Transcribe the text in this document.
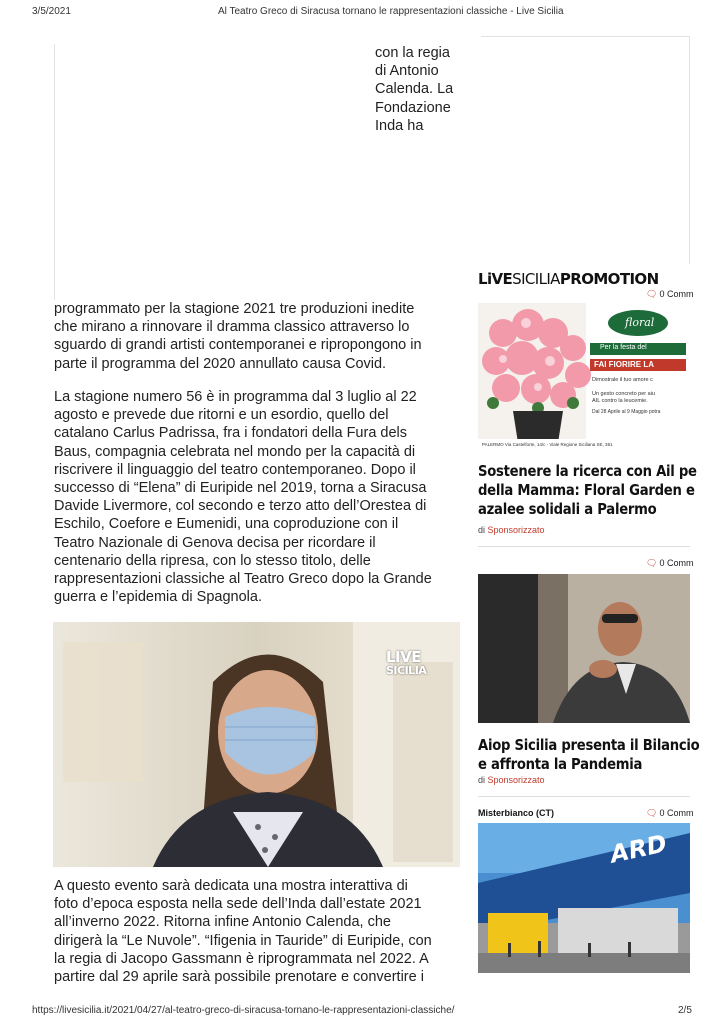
3/5/2021	Al Teatro Greco di Siracusa tornano le rappresentazioni classiche - Live Sicilia
con la regia
di Antonio
Calenda. La
Fondazione
Inda ha
programmato per la stagione 2021 tre produzioni inedite
che mirano a rinnovare il dramma classico attraverso lo
sguardo di grandi artisti contemporanei e ripropongono in
parte il programma del 2020 annullato causa Covid.
La stagione numero 56 è in programma dal 3 luglio al 22
agosto e prevede due ritorni e un esordio, quello del
catalano Carlus Padrissa, fra i fondatori della Fura dels
Baus, compagnia celebrata nel mondo per la capacità di
riscrivere il linguaggio del teatro contemporaneo. Dopo il
successo di “Elena” di Euripide nel 2019, torna a Siracusa
Davide Livermore, col secondo e terzo atto dell’Orestea di
Eschilo, Coefore e Eumenidi, una coproduzione con il
Teatro Nazionale di Genova decisa per ricordare il
centenario della ripresa, con lo stesso titolo, delle
rappresentazioni classiche al Teatro Greco dopo la Grande
guerra e l’epidemia di Spagnola.
LIVE
SICILIA
A questo evento sarà dedicata una mostra interattiva di
foto d’epoca esposta nella sede dell’Inda dall’estate 2021
all’inverno 2022. Ritorna infine Antonio Calenda, che
dirigerà la “Le Nuvole”. “Ifigenia in Tauride” di Euripide, con
la regia di Jacopo Gassmann è riprogrammata nel 2022. A
partire dal 29 aprile sarà possibile prenotare e convertire i
LiVESICILIAPROMOTION
🗨 0 Comm
floral
Per la festa del
FAI FIORIRE LA
Dimostrale il tuo amore c
Un gesto concreto per aiu
AIL contro la leucemie.
Dal 28 Aprile al 9 Maggio potra
PALERMO Via Castelforte, 14/c - Viale Regione Siciliana SE, 361
Sostenere la ricerca con Ail pe
della Mamma: Floral Garden e
azalee solidali a Palermo
di Sponsorizzato
🗨 0 Comm
Aiop Sicilia presenta il Bilancio
e affronta la Pandemia
di Sponsorizzato
Misterbianco (CT)	🗨 0 Comm
ARD
https://livesicilia.it/2021/04/27/al-teatro-greco-di-siracusa-tornano-le-rappresentazioni-classiche/	2/5
